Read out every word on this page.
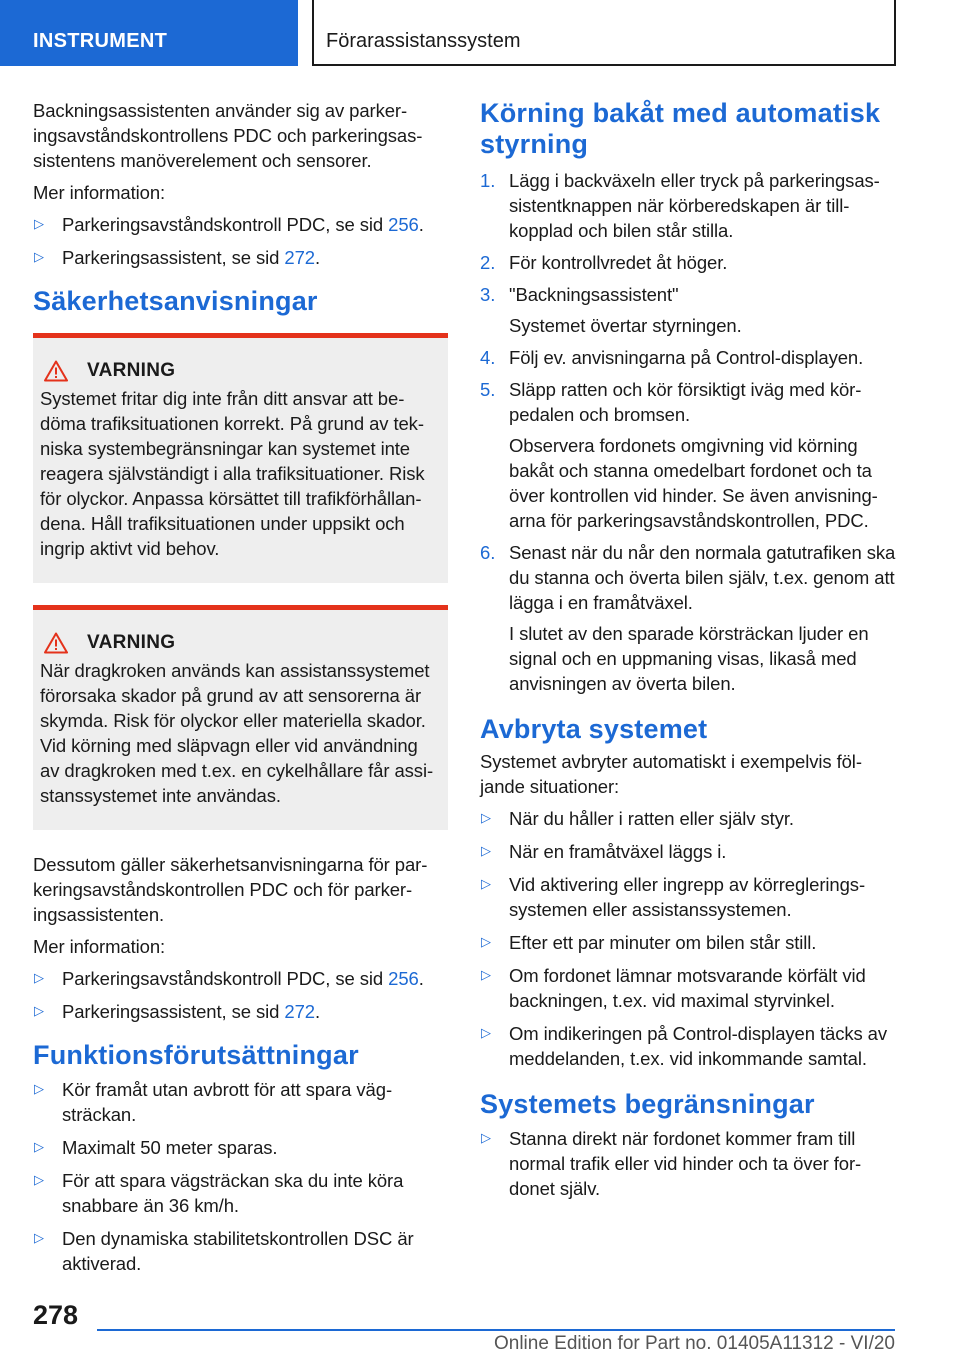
INSTRUMENT	Förarassistanssystem

Backningsassistenten använder sig av parkeringsavståndskontrollens PDC och parkeringsassistentens manöverelement och sensorer.

Mer information:

▷ Parkeringsavståndskontroll PDC, se sid 256.
▷ Parkeringsassistent, se sid 272.
Säkerhetsanvisningar
VARNING
Systemet fritar dig inte från ditt ansvar att bedöma trafiksituationen korrekt. På grund av tekniska systembegränsningar kan systemet inte reagera självständigt i alla trafiksituationer. Risk för olyckor. Anpassa körsättet till trafikförhållandena. Håll trafiksituationen under uppsikt och ingrip aktivt vid behov.
VARNING
När dragkroken används kan assistanssystemet förorsaka skador på grund av att sensorerna är skymda. Risk för olyckor eller materiella skador. Vid körning med släpvagn eller vid användning av dragkroken med t.ex. en cykelhållare får assistanssystemet inte användas.

Dessutom gäller säkerhetsanvisningarna för parkeringsavståndskontrollen PDC och för parkeringsassistenten.

Mer information:

▷ Parkeringsavståndskontroll PDC, se sid 256.
▷ Parkeringsassistent, se sid 272.
Funktionsförutsättningar
▷ Kör framåt utan avbrott för att spara vägsträckan.
▷ Maximalt 50 meter sparas.
▷ För att spara vägsträckan ska du inte köra snabbare än 36 km/h.
▷ Den dynamiska stabilitetskontrollen DSC är aktiverad.
Körning bakåt med automatisk styrning
1. Lägg i backväxeln eller tryck på parkeringsassistentknappen när körberedskapen är tillkopplad och bilen står stilla.
2. För kontrollvredet åt höger.
3. "Backningsassistent"
Systemet övertar styrningen.
4. Följ ev. anvisningarna på Control-displayen.
5. Släpp ratten och kör försiktigt iväg med körpedalen och bromsen.
Observera fordonets omgivning vid körning bakåt och stanna omedelbart fordonet och ta över kontrollen vid hinder. Se även anvisningarna för parkeringsavståndskontrollen, PDC.
6. Senast när du når den normala gatutrafiken ska du stanna och överta bilen själv, t.ex. genom att lägga i en framåtväxel.
I slutet av den sparade körsträckan ljuder en signal och en uppmaning visas, likaså med anvisningen av överta bilen.
Avbryta systemet

Systemet avbryter automatiskt i exempelvis följande situationer:

▷ När du håller i ratten eller själv styr.
▷ När en framåtväxel läggs i.
▷ Vid aktivering eller ingrepp av körregleringssystemen eller assistanssystemen.
▷ Efter ett par minuter om bilen står still.
▷ Om fordonet lämnar motsvarande körfält vid backningen, t.ex. vid maximal styrvinkel.
▷ Om indikeringen på Control-displayen täcks av meddelanden, t.ex. vid inkommande samtal.
Systemets begränsningar
▷ Stanna direkt när fordonet kommer fram till normal trafik eller vid hinder och ta över fordonet själv.
278
Online Edition for Part no. 01405A11312 - VI/20
